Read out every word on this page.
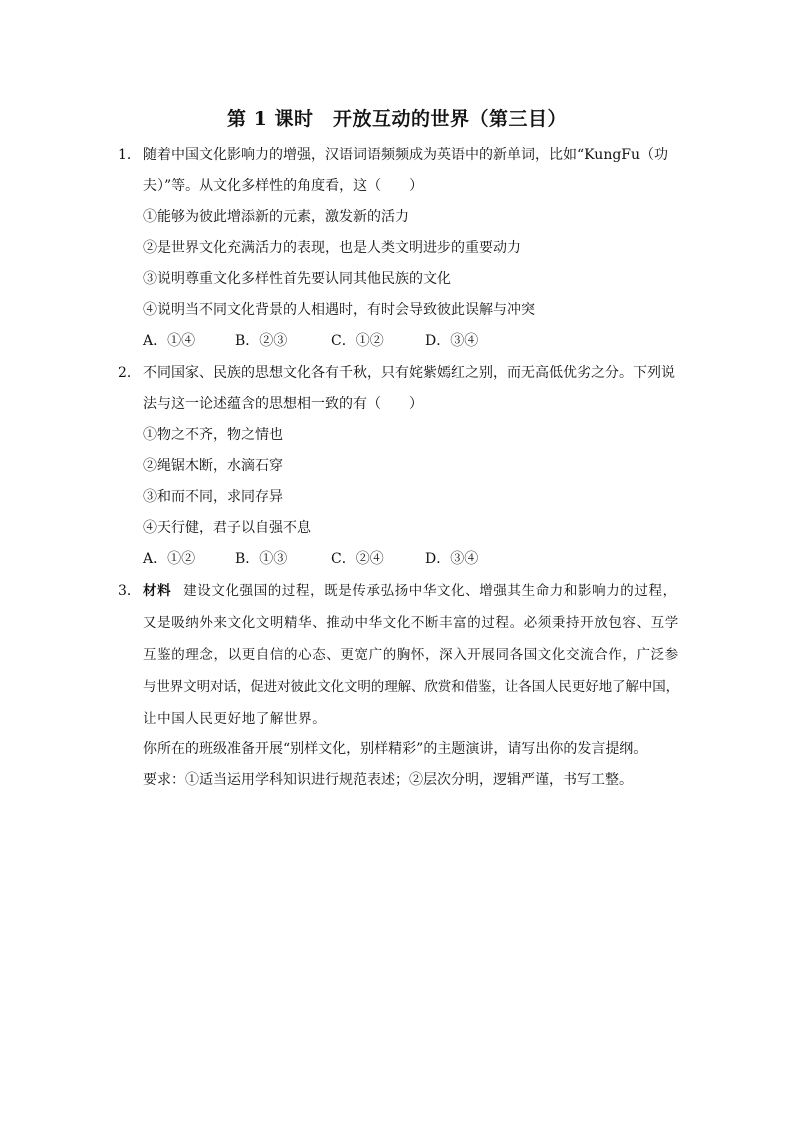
第 1 课时　开放互动的世界（第三目）
1． 随着中国文化影响力的增强，汉语词语频频成为英语中的新单词，比如“KungFu（功
夫）”等。从文化多样性的角度看，这（　　）
①能够为彼此增添新的元素，激发新的活力
②是世界文化充满活力的表现，也是人类文明进步的重要动力
③说明尊重文化多样性首先要认同其他民族的文化
④说明当不同文化背景的人相遇时，有时会导致彼此误解与冲突
A．①④	B．②③	C．①②	D．③④
2． 不同国家、民族的思想文化各有千秋，只有姹紫嫣红之别，而无高低优劣之分。下列说
法与这一论述蕴含的思想相一致的有（　　）
①物之不齐，物之情也
②绳锯木断，水滴石穿
③和而不同，求同存异
④天行健，君子以自强不息
A．①②	B．①③	C．②④	D．③④
3． 材料 建设文化强国的过程，既是传承弘扬中华文化、增强其生命力和影响力的过程，
又是吸纳外来文化文明精华、推动中华文化不断丰富的过程。必须秉持开放包容、互学
互鉴的理念，以更自信的心态、更宽广的胸怀，深入开展同各国文化交流合作，广泛参
与世界文明对话，促进对彼此文化文明的理解、欣赏和借鉴，让各国人民更好地了解中国，
让中国人民更好地了解世界。
你所在的班级准备开展“别样文化，别样精彩”的主题演讲，请写出你的发言提纲。
要求：①适当运用学科知识进行规范表述；②层次分明，逻辑严谨，书写工整。
